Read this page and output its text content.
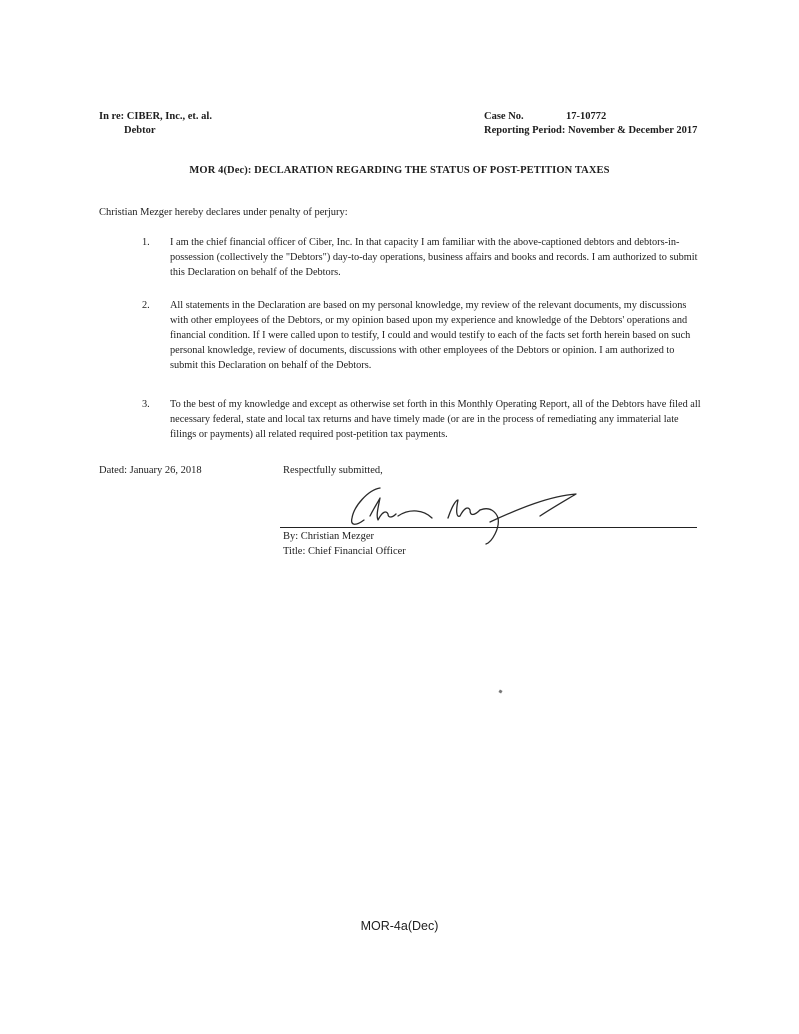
In re: CIBER, Inc., et. al.
Debtor
Case No.	17-10772
Reporting Period: November & December 2017
MOR 4(Dec): DECLARATION REGARDING THE STATUS OF POST-PETITION TAXES
Christian Mezger hereby declares under penalty of perjury:
1. I am the chief financial officer of Ciber, Inc. In that capacity I am familiar with the above-captioned debtors and debtors-in-possession (collectively the "Debtors") day-to-day operations, business affairs and books and records. I am authorized to submit this Declaration on behalf of the Debtors.
2. All statements in the Declaration are based on my personal knowledge, my review of the relevant documents, my discussions with other employees of the Debtors, or my opinion based upon my experience and knowledge of the Debtors' operations and financial condition. If I were called upon to testify, I could and would testify to each of the facts set forth herein based on such personal knowledge, review of documents, discussions with other employees of the Debtors or opinion. I am authorized to submit this Declaration on behalf of the Debtors.
3. To the best of my knowledge and except as otherwise set forth in this Monthly Operating Report, all of the Debtors have filed all necessary federal, state and local tax returns and have timely made (or are in the process of remediating any immaterial late filings or payments) all related required post-petition tax payments.
Dated: January 26, 2018	Respectfully submitted,
By: Christian Mezger
Title: Chief Financial Officer
MOR-4a(Dec)
